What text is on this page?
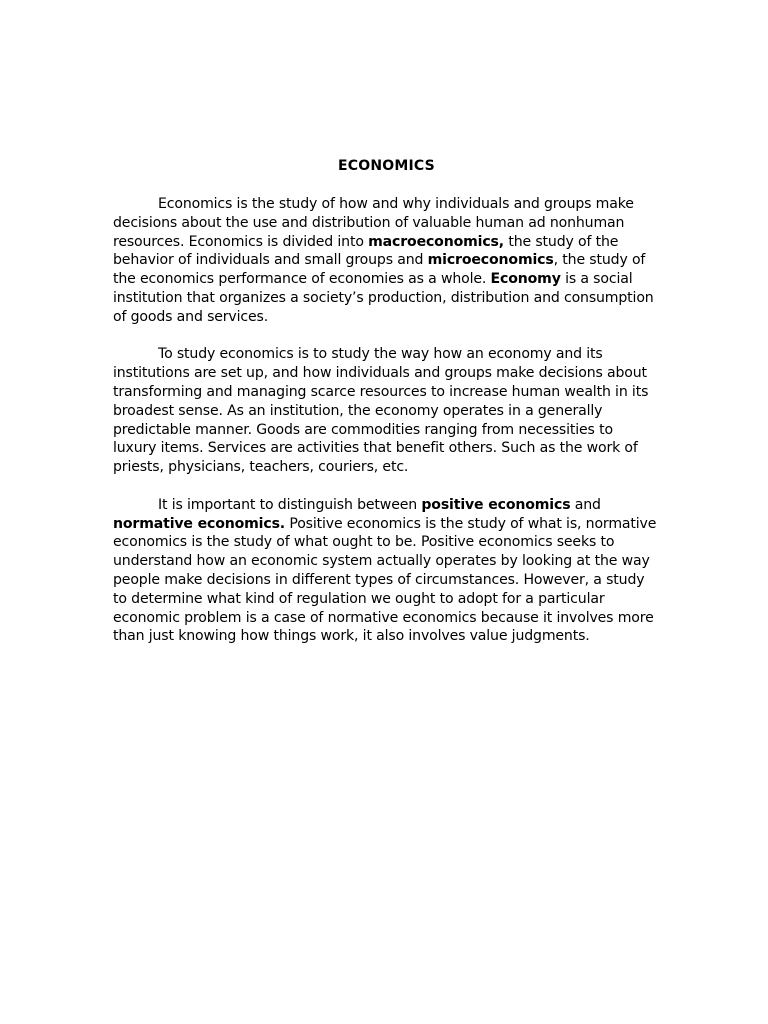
ECONOMICS

Economics is the study of how and why individuals and groups make decisions about the use and distribution of valuable human ad nonhuman resources. Economics is divided into macroeconomics, the study of the behavior of individuals and small groups and microeconomics, the study of the economics performance of economies as a whole. Economy is a social institution that organizes a society’s production, distribution and consumption of goods and services.

To study economics is to study the way how an economy and its institutions are set up, and how individuals and groups make decisions about transforming and managing scarce resources to increase human wealth in its broadest sense. As an institution, the economy operates in a generally predictable manner. Goods are commodities ranging from necessities to luxury items. Services are activities that benefit others. Such as the work of priests, physicians, teachers, couriers, etc.

It is important to distinguish between positive economics and normative economics. Positive economics is the study of what is, normative economics is the study of what ought to be. Positive economics seeks to understand how an economic system actually operates by looking at the way people make decisions in different types of circumstances. However, a study to determine what kind of regulation we ought to adopt for a particular economic problem is a case of normative economics because it involves more than just knowing how things work, it also involves value judgments.
